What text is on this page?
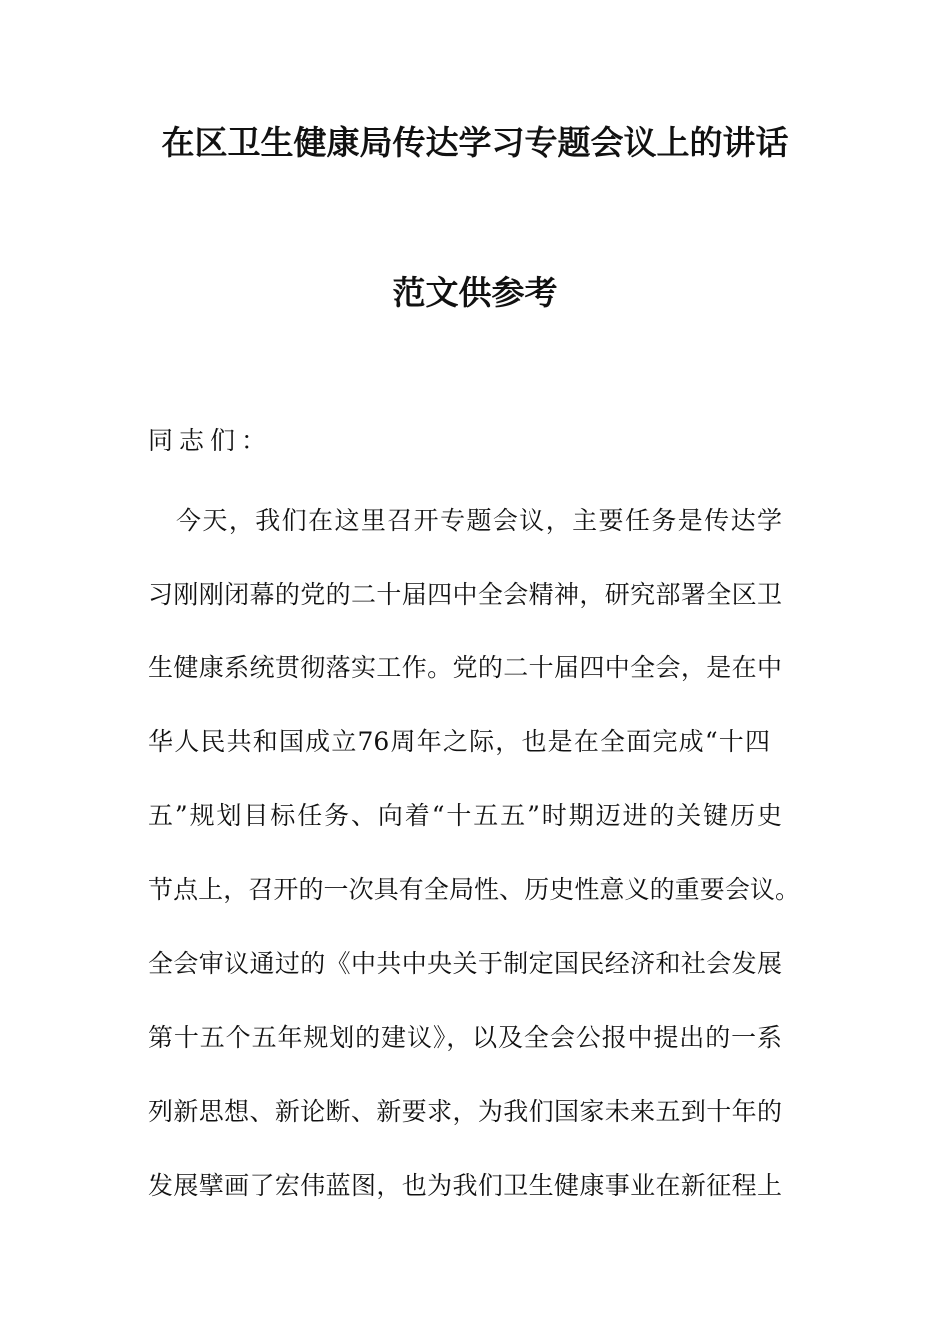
在区卫生健康局传达学习专题会议上的讲话
范文供参考
同志们：
今天，我们在这里召开专题会议，主要任务是传达学
习刚刚闭幕的党的二十届四中全会精神，研究部署全区卫
生健康系统贯彻落实工作。党的二十届四中全会，是在中
华人民共和国成立76周年之际，也是在全面完成“十四
五”规划目标任务、向着“十五五”时期迈进的关键历史
节点上，召开的一次具有全局性、历史性意义的重要会议。
全会审议通过的《中共中央关于制定国民经济和社会发展
第十五个五年规划的建议》，以及全会公报中提出的一系
列新思想、新论断、新要求，为我们国家未来五到十年的
发展擘画了宏伟蓝图，也为我们卫生健康事业在新征程上
